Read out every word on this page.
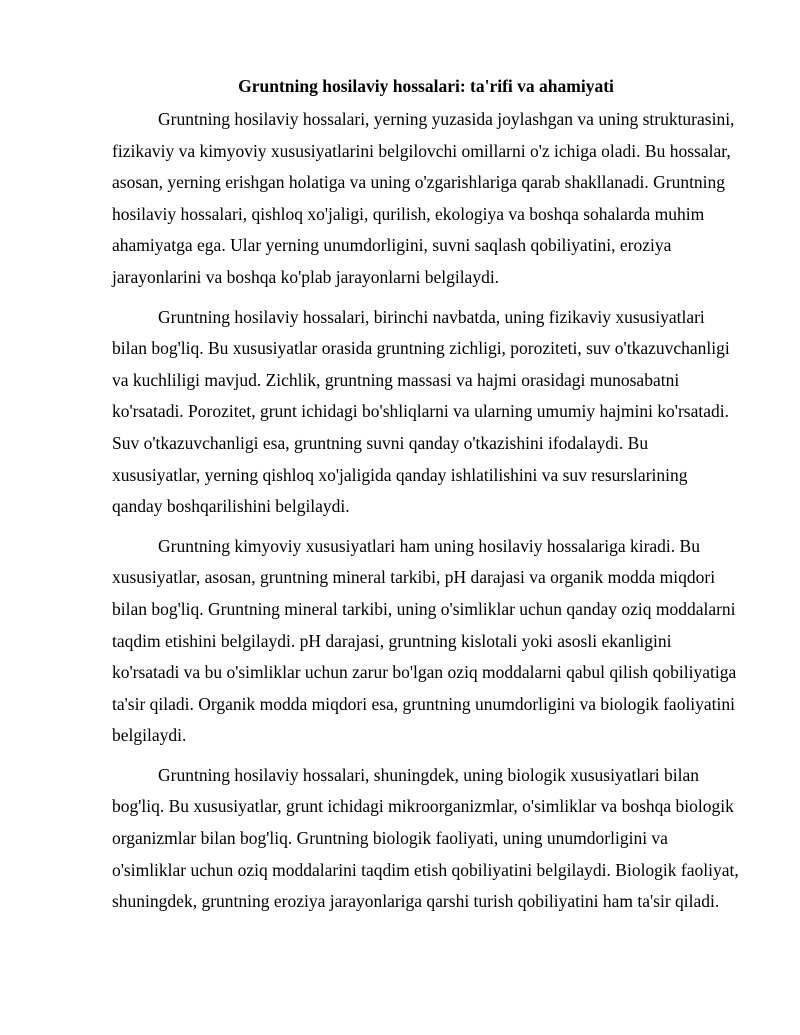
Gruntning hosilaviy hossalari: ta'rifi va ahamiyati

Gruntning hosilaviy hossalari, yerning yuzasida joylashgan va uning strukturasini, fizikaviy va kimyoviy xususiyatlarini belgilovchi omillarni o'z ichiga oladi. Bu hossalar, asosan, yerning erishgan holatiga va uning o'zgarishlariga qarab shakllanadi. Gruntning hosilaviy hossalari, qishloq xo'jaligi, qurilish, ekologiya va boshqa sohalarda muhim ahamiyatga ega. Ular yerning unumdorligini, suvni saqlash qobiliyatini, eroziya jarayonlarini va boshqa ko'plab jarayonlarni belgilaydi.

Gruntning hosilaviy hossalari, birinchi navbatda, uning fizikaviy xususiyatlari bilan bog'liq. Bu xususiyatlar orasida gruntning zichligi, poroziteti, suv o'tkazuvchanligi va kuchliligi mavjud. Zichlik, gruntning massasi va hajmi orasidagi munosabatni ko'rsatadi. Porozitet, grunt ichidagi bo'shliqlarni va ularning umumiy hajmini ko'rsatadi. Suv o'tkazuvchanligi esa, gruntning suvni qanday o'tkazishini ifodalaydi. Bu xususiyatlar, yerning qishloq xo'jaligida qanday ishlatilishini va suv resurslarining qanday boshqarilishini belgilaydi.

Gruntning kimyoviy xususiyatlari ham uning hosilaviy hossalariga kiradi. Bu xususiyatlar, asosan, gruntning mineral tarkibi, pH darajasi va organik modda miqdori bilan bog'liq. Gruntning mineral tarkibi, uning o'simliklar uchun qanday oziq moddalarni taqdim etishini belgilaydi. pH darajasi, gruntning kislotali yoki asosli ekanligini ko'rsatadi va bu o'simliklar uchun zarur bo'lgan oziq moddalarni qabul qilish qobiliyatiga ta'sir qiladi. Organik modda miqdori esa, gruntning unumdorligini va biologik faoliyatini belgilaydi.

Gruntning hosilaviy hossalari, shuningdek, uning biologik xususiyatlari bilan bog'liq. Bu xususiyatlar, grunt ichidagi mikroorganizmlar, o'simliklar va boshqa biologik organizmlar bilan bog'liq. Gruntning biologik faoliyati, uning unumdorligini va o'simliklar uchun oziq moddalarini taqdim etish qobiliyatini belgilaydi. Biologik faoliyat, shuningdek, gruntning eroziya jarayonlariga qarshi turish qobiliyatini ham ta'sir qiladi.
